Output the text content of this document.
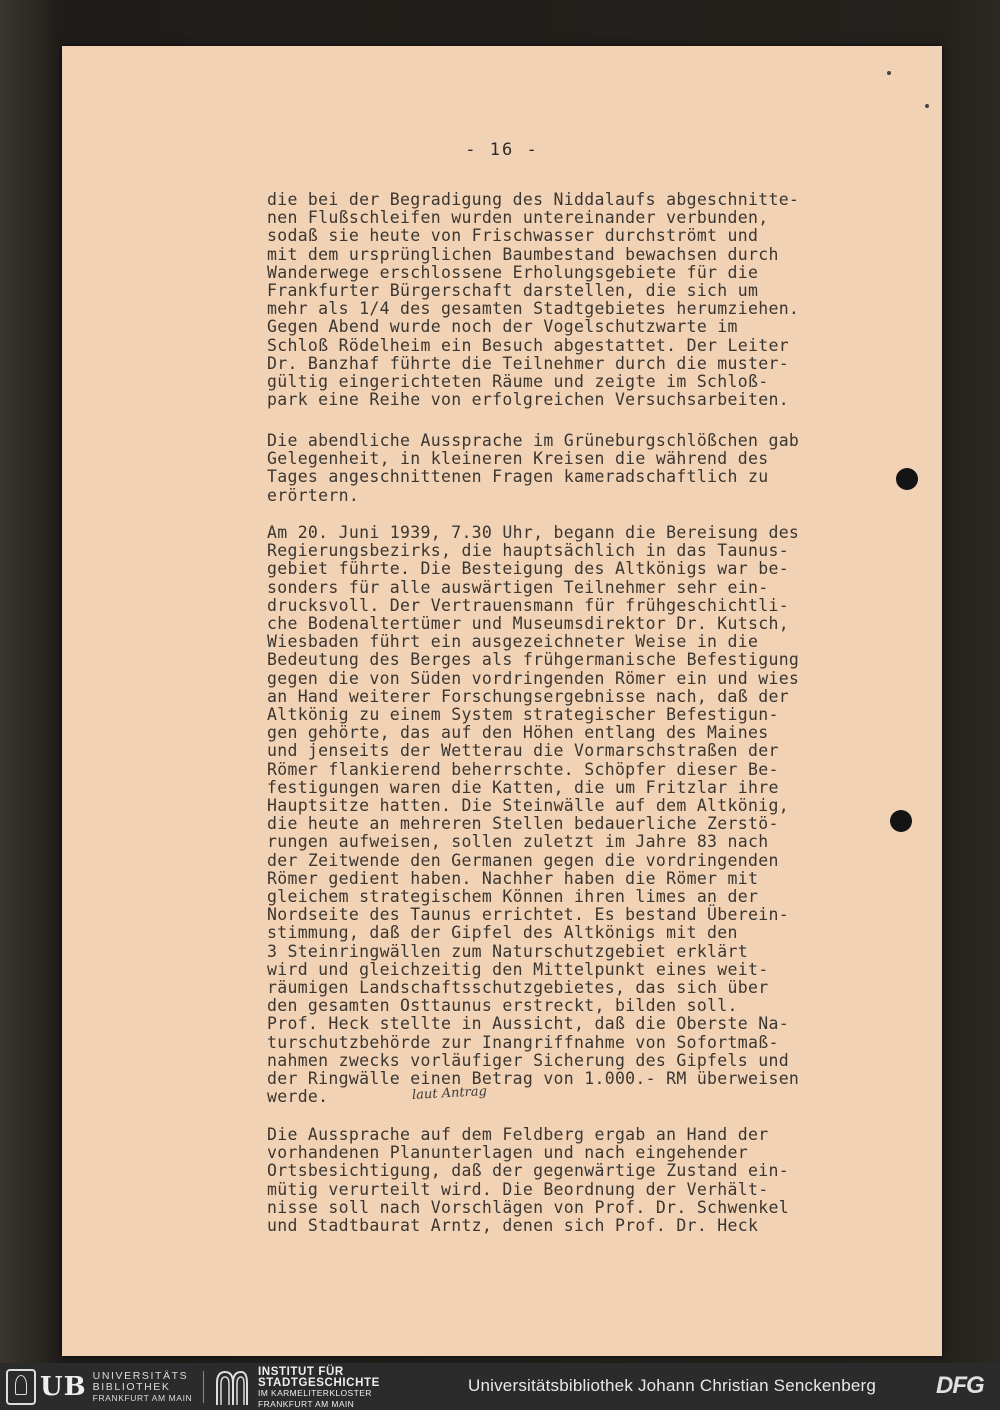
- 16 -
die bei der Begradigung des Niddalaufs abgeschnitte-
nen Flußschleifen wurden untereinander verbunden,
sodaß sie heute von Frischwasser durchströmt und
mit dem ursprünglichen Baumbestand bewachsen durch
Wanderwege erschlossene Erholungsgebiete für die
Frankfurter Bürgerschaft darstellen, die sich um
mehr als 1/4 des gesamten Stadtgebietes herumziehen.
Gegen Abend wurde noch der Vogelschutzwarte im
Schloß Rödelheim ein Besuch abgestattet. Der Leiter
Dr. Banzhaf führte die Teilnehmer durch die muster-
gültig eingerichteten Räume und zeigte im Schloß-
park eine Reihe von erfolgreichen Versuchsarbeiten.
Die abendliche Aussprache im Grüneburgschlößchen gab
Gelegenheit, in kleineren Kreisen die während des
Tages angeschnittenen Fragen kameradschaftlich zu
erörtern.
Am 20. Juni 1939, 7.30 Uhr, begann die Bereisung des
Regierungsbezirks, die hauptsächlich in das Taunus-
gebiet führte. Die Besteigung des Altkönigs war be-
sonders für alle auswärtigen Teilnehmer sehr ein-
drucksvoll. Der Vertrauensmann für frühgeschichtli-
che Bodenaltertümer und Museumsdirektor Dr. Kutsch,
Wiesbaden führt ein ausgezeichneter Weise in die
Bedeutung des Berges als frühgermanische Befestigung
gegen die von Süden vordringenden Römer ein und wies
an Hand weiterer Forschungsergebnisse nach, daß der
Altkönig zu einem System strategischer Befestigun-
gen gehörte, das auf den Höhen entlang des Maines
und jenseits der Wetterau die Vormarschstraßen der
Römer flankierend beherrschte. Schöpfer dieser Be-
festigungen waren die Katten, die um Fritzlar ihre
Hauptsitze hatten. Die Steinwälle auf dem Altkönig,
die heute an mehreren Stellen bedauerliche Zerstö-
rungen aufweisen, sollen zuletzt im Jahre 83 nach
der Zeitwende den Germanen gegen die vordringenden
Römer gedient haben. Nachher haben die Römer mit
gleichem strategischem Können ihren limes an der
Nordseite des Taunus errichtet. Es bestand Überein-
stimmung, daß der Gipfel des Altkönigs mit den
3 Steinringwällen zum Naturschutzgebiet erklärt
wird und gleichzeitig den Mittelpunkt eines weit-
räumigen Landschaftsschutzgebietes, das sich über
den gesamten Osttaunus erstreckt, bilden soll.
Prof. Heck stellte in Aussicht, daß die Oberste Na-
turschutzbehörde zur Inangriffnahme von Sofortmaß-
nahmen zwecks vorläufiger Sicherung des Gipfels und
der Ringwälle einen Betrag von 1.000.- RM überweisen
werde.	laut Antrag
Die Aussprache auf dem Feldberg ergab an Hand der
vorhandenen Planunterlagen und nach eingehender
Ortsbesichtigung, daß der gegenwärtige Zustand ein-
mütig verurteilt wird. Die Beordnung der Verhält-
nisse soll nach Vorschlägen von Prof. Dr. Schwenkel
und Stadtbaurat Arntz, denen sich Prof. Dr. Heck
UB UNIVERSITÄTS
BIBLIOTHEK
FRANKFURT AM MAIN
INSTITUT FÜR
STADTGESCHICHTE
IM KARMELITERKLOSTER
FRANKFURT AM MAIN
Universitätsbibliothek Johann Christian Senckenberg DFG
